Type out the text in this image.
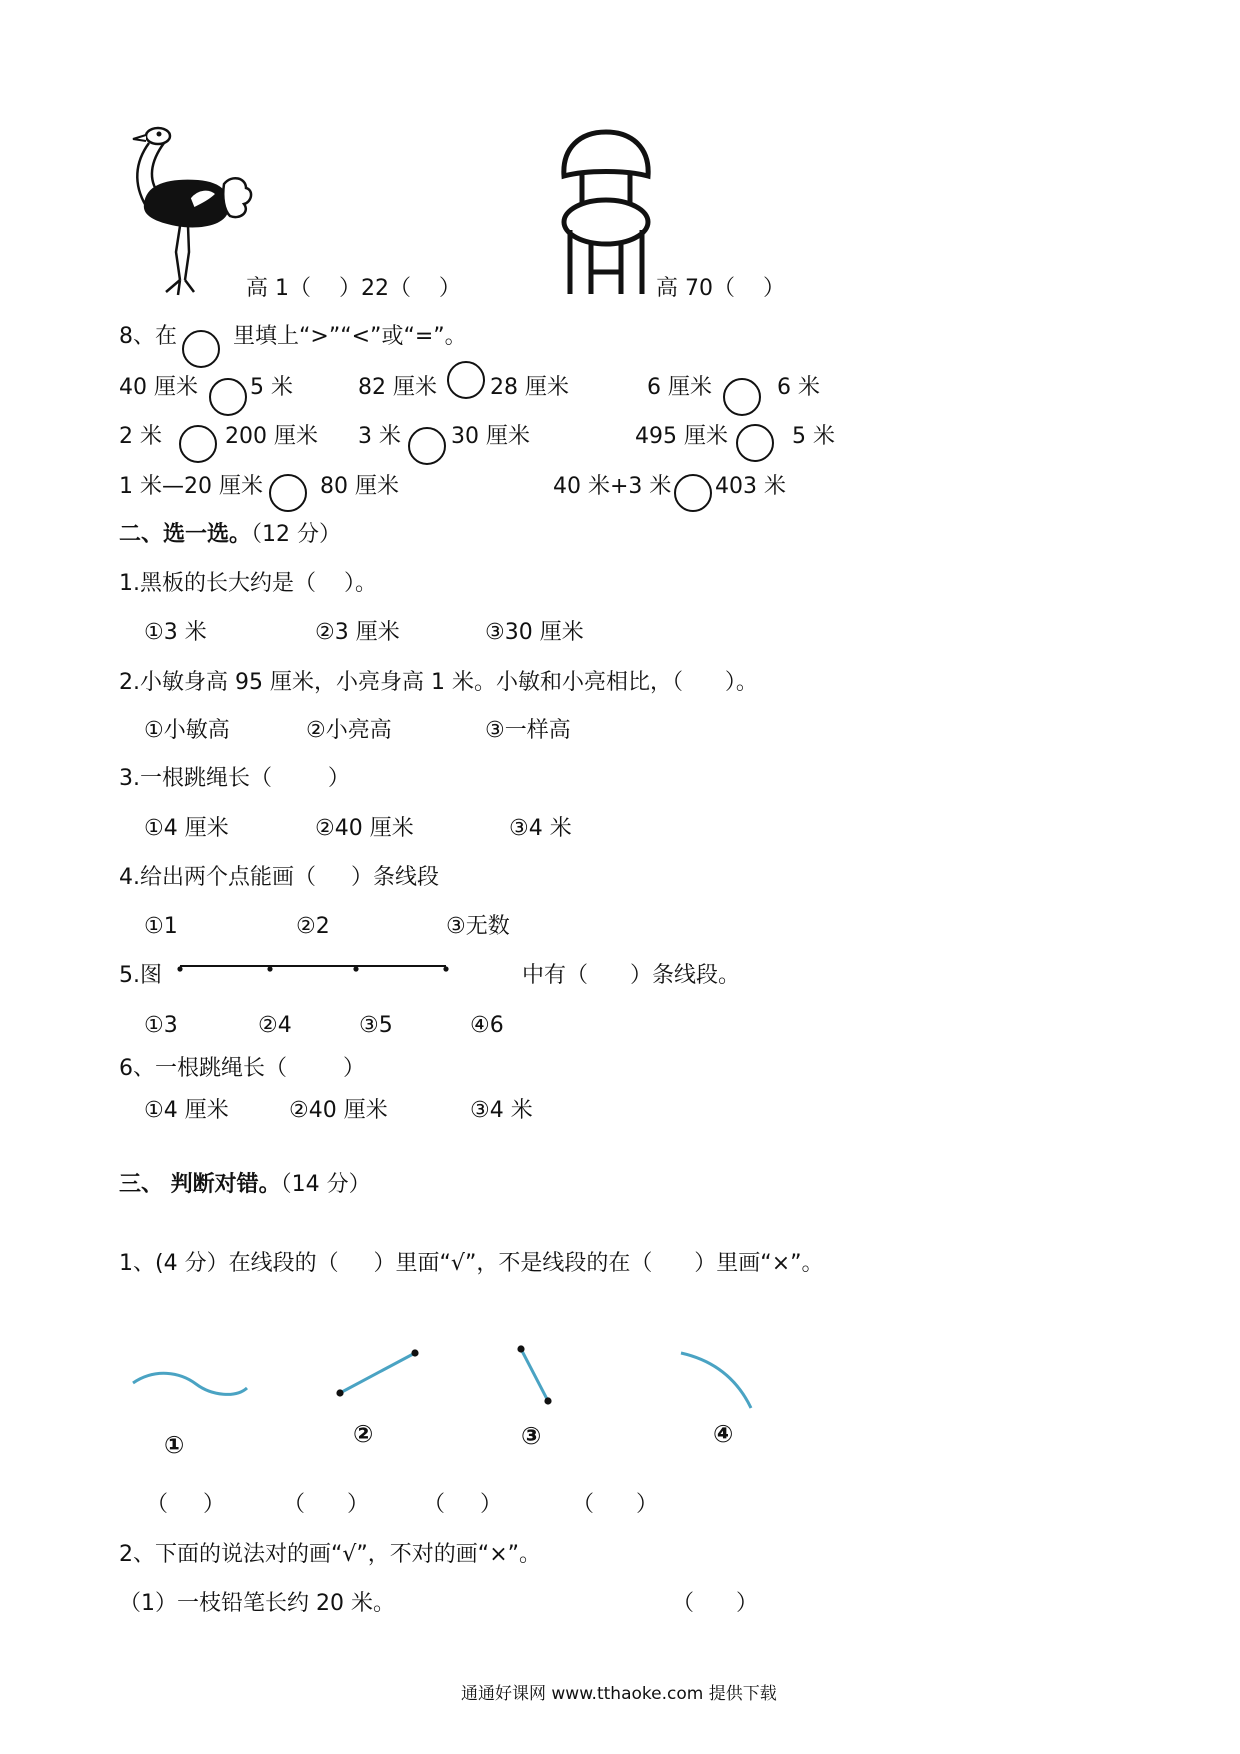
高 1（    ）22（    ）	高 70（    ）
8、在	里填上“>”“<”或“=”。
40 厘米 5 米	82 厘米 28 厘米	6 厘米	6 米
2 米	200 厘米 3 米 30 厘米	495 厘米	5 米
1 米—20 厘米	80 厘米	40 米+3 米 403 米
二、选一选。（12 分）
1.黑板的长大约是（    ）。
①3 米	②3 厘米	③30 厘米
2.小敏身高 95 厘米，小亮身高 1 米。小敏和小亮相比，（      ）。
①小敏高	②小亮高	③一样高
3.一根跳绳长（        ）
①4 厘米	②40 厘米	③4 米
4.给出两个点能画（     ）条线段
①1	②2	③无数
5.图	中有（      ）条线段。
①3	②4	③5	④6
6、一根跳绳长（        ）
①4 厘米	②40 厘米	③4 米
三、 判断对错。（14 分）
1、(4 分）在线段的（     ）里面“√”，不是线段的在（      ）里画“×”。
①	②	③	④
（     ）	（      ） （     ）	（      ）
2、下面的说法对的画“√”，不对的画“×”。
（1）一枝铅笔长约 20 米。	（      ）
通通好课网 www.tthaoke.com 提供下载
